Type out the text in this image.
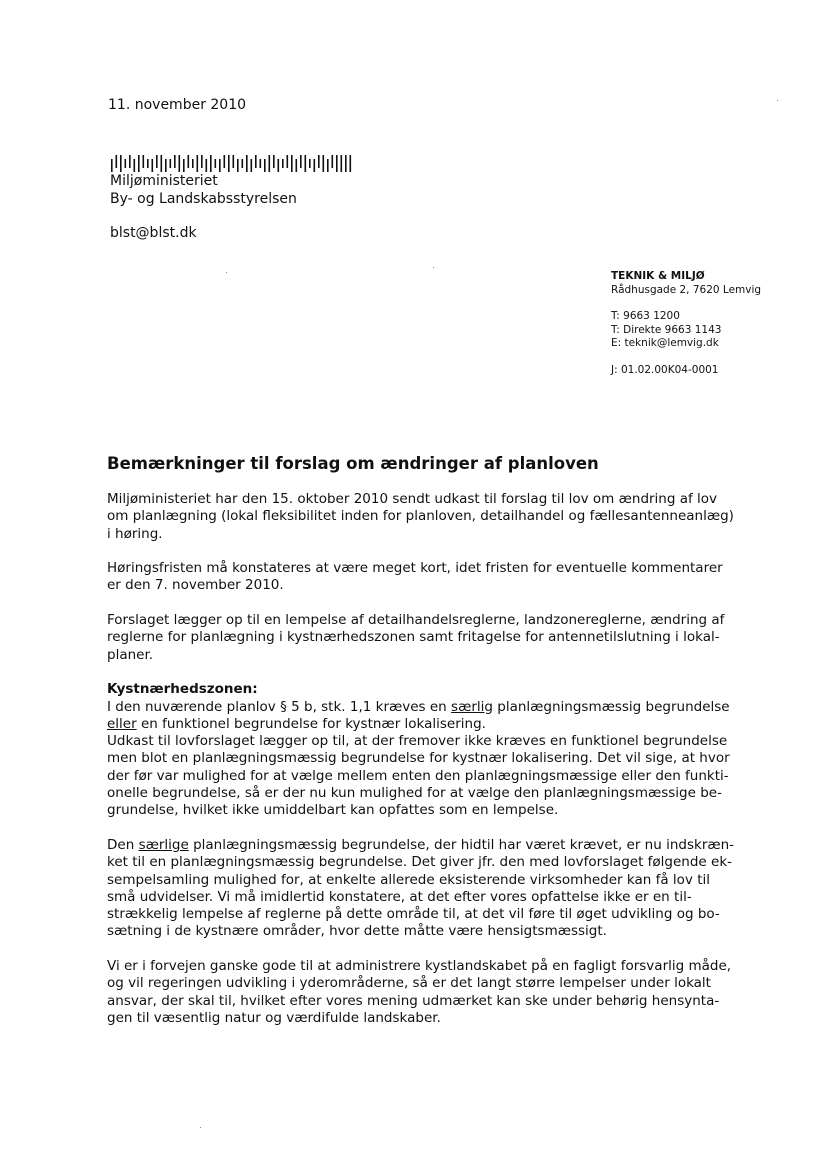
11. november 2010
Miljøministeriet
By- og Landskabsstyrelsen
blst@blst.dk
TEKNIK & MILJØ
Rådhusgade 2, 7620 Lemvig
T: 9663 1200
T: Direkte 9663 1143
E: teknik@lemvig.dk
J: 01.02.00K04-0001
Bemærkninger til forslag om ændringer af planloven

Miljøministeriet har den 15. oktober 2010 sendt udkast til forslag til lov om ændring af lov
om planlægning (lokal fleksibilitet inden for planloven, detailhandel og fællesantenneanlæg)
i høring.

Høringsfristen må konstateres at være meget kort, idet fristen for eventuelle kommentarer
er den 7. november 2010.

Forslaget lægger op til en lempelse af detailhandelsreglerne, landzonereglerne, ændring af
reglerne for planlægning i kystnærhedszonen samt fritagelse for antennetilslutning i lokal-
planer.

Kystnærhedszonen:

I den nuværende planlov § 5 b, stk. 1,1 kræves en særlig planlægningsmæssig begrundelse
eller en funktionel begrundelse for kystnær lokalisering.
Udkast til lovforslaget lægger op til, at der fremover ikke kræves en funktionel begrundelse
men blot en planlægningsmæssig begrundelse for kystnær lokalisering. Det vil sige, at hvor
der før var mulighed for at vælge mellem enten den planlægningsmæssige eller den funkti-
onelle begrundelse, så er der nu kun mulighed for at vælge den planlægningsmæssige be-
grundelse, hvilket ikke umiddelbart kan opfattes som en lempelse.

Den særlige planlægningsmæssig begrundelse, der hidtil har været krævet, er nu indskræn-
ket til en planlægningsmæssig begrundelse. Det giver jfr. den med lovforslaget følgende ek-
sempelsamling mulighed for, at enkelte allerede eksisterende virksomheder kan få lov til
små udvidelser. Vi må imidlertid konstatere, at det efter vores opfattelse ikke er en til-
strækkelig lempelse af reglerne på dette område til, at det vil føre til øget udvikling og bo-
sætning i de kystnære områder, hvor dette måtte være hensigtsmæssigt.

Vi er i forvejen ganske gode til at administrere kystlandskabet på en fagligt forsvarlig måde,
og vil regeringen udvikling i yderområderne, så er det langt større lempelser under lokalt
ansvar, der skal til, hvilket efter vores mening udmærket kan ske under behørig hensynta-
gen til væsentlig natur og værdifulde landskaber.
